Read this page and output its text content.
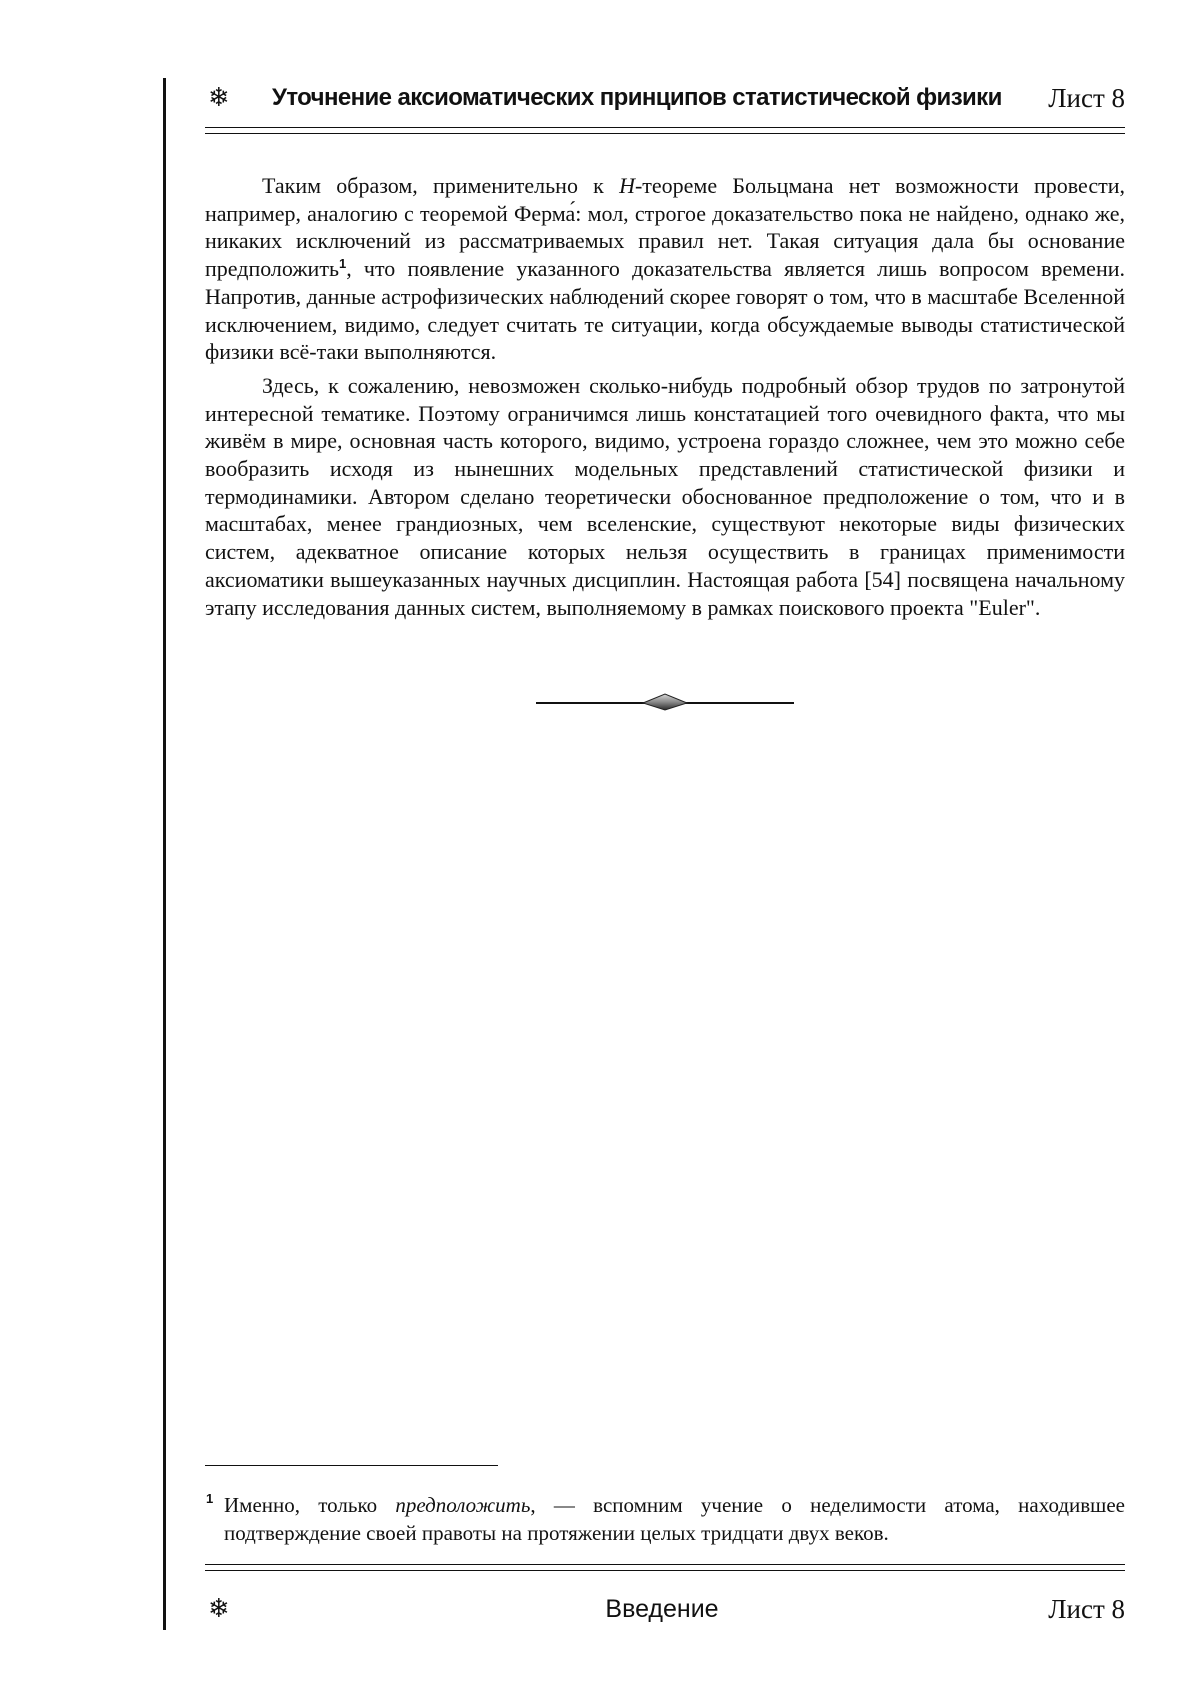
❄ Уточнение аксиоматических принципов статистической физики Лист 8

Таким образом, применительно к H-теореме Больцмана нет возможности провести, например, аналогию с теоремой Ферма́: мол, строгое доказательство пока не найдено, однако же, никаких исключений из рассматриваемых правил нет. Такая ситуация дала бы основание предположить$^1$, что появление указанного доказательства является лишь вопросом времени. Напротив, данные астрофизических наблюдений скорее говорят о том, что в масштабе Вселенной исключением, видимо, следует считать те ситуации, когда обсуждаемые выводы статистической физики всё-таки выполняются.

Здесь, к сожалению, невозможен сколько-нибудь подробный обзор трудов по затронутой интересной тематике. Поэтому ограничимся лишь констатацией того очевидного факта, что мы живём в мире, основная часть которого, видимо, устроена гораздо сложнее, чем это можно себе вообразить исходя из нынешних модельных представлений статистической физики и термодинамики. Автором сделано теоретически обоснованное предположение о том, что и в масштабах, менее грандиозных, чем вселенские, существуют некоторые виды физических систем, адекватное описание которых нельзя осуществить в границах применимости аксиоматики вышеуказанных научных дисциплин. Настоящая работа [54] посвящена начальному этапу исследования данных систем, выполняемому в рамках поискового проекта "Euler".

1 Именно, только предположить, — вспомним учение о неделимости атома, находившее подтверждение своей правоты на протяжении целых тридцати двух веков.
❄	Введение	Лист 8
